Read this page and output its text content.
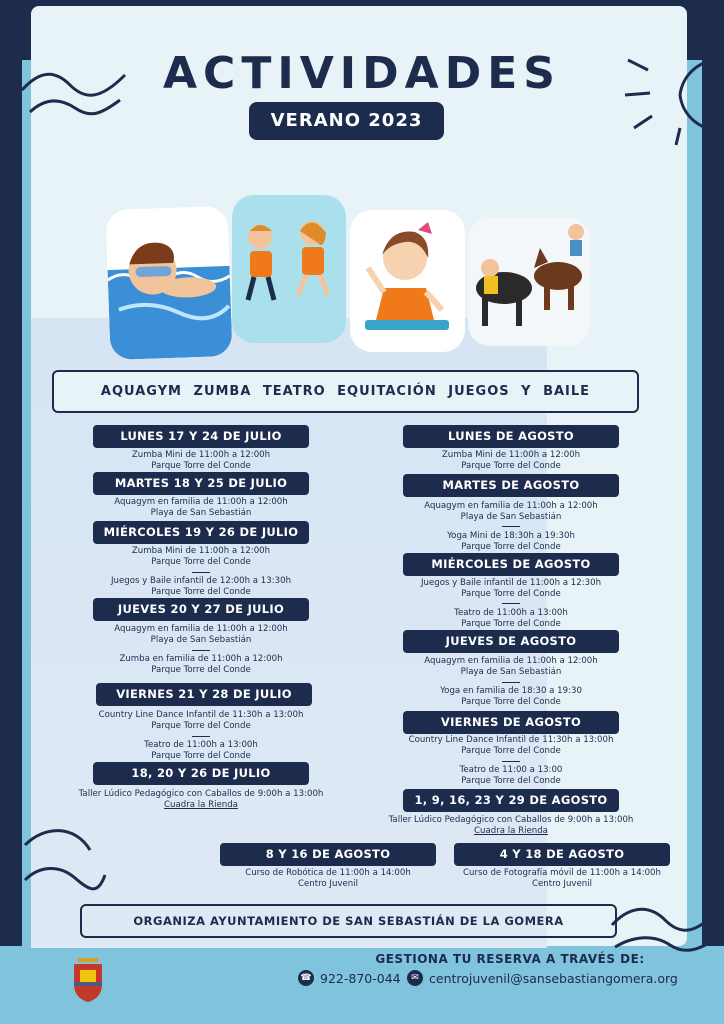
ACTIVIDADES
VERANO 2023
AQUAGYM ZUMBA TEATRO EQUITACIÓN JUEGOS Y BAILE
LUNES 17 Y 24 DE JULIO
Zumba Mini de 11:00h a 12:00h
Parque Torre del Conde
MARTES 18 Y 25 DE JULIO
Aquagym en familia de 11:00h a 12:00h
Playa de San Sebastián
MIÉRCOLES 19 Y 26 DE JULIO
Zumba Mini de 11:00h a 12:00h
Parque Torre del Conde
Juegos y Baile infantil de 12:00h a 13:30h
Parque Torre del Conde
JUEVES 20 Y 27 DE JULIO
Aquagym en familia de 11:00h a 12:00h
Playa de San Sebastián
Zumba en familia de 11:00h a 12:00h
Parque Torre del Conde
VIERNES 21 Y 28 DE JULIO
Country Line Dance Infantil de 11:30h a 13:00h
Parque Torre del Conde
Teatro de 11:00h a 13:00h
Parque Torre del Conde
18, 20 Y 26 DE JULIO
Taller Lúdico Pedagógico con Caballos de 9:00h a 13:00h
Cuadra la Rienda
LUNES DE AGOSTO
Zumba Mini de 11:00h a 12:00h
Parque Torre del Conde
MARTES DE AGOSTO
Aquagym en familia de 11:00h a 12:00h
Playa de San Sebastián
Yoga Mini de 18:30h a 19:30h
Parque Torre del Conde
MIÉRCOLES DE AGOSTO
Juegos y Baile infantil de 11:00h a 12:30h
Parque Torre del Conde
Teatro de 11:00h a 13:00h
Parque Torre del Conde
JUEVES DE AGOSTO
Aquagym en familia de 11:00h a 12:00h
Playa de San Sebastián
Yoga en familia de 18:30 a 19:30
Parque Torre del Conde
VIERNES DE AGOSTO
Country Line Dance Infantil de 11:30h a 13:00h
Parque Torre del Conde
Teatro de 11:00 a 13:00
Parque Torre del Conde
1, 9, 16, 23 Y 29 DE AGOSTO
Taller Lúdico Pedagógico con Caballos de 9:00h a 13:00h
Cuadra la Rienda
8 Y 16 DE AGOSTO
Curso de Robótica de 11:00h a 14:00h
Centro Juvenil
4 Y 18 DE AGOSTO
Curso de Fotografía móvil de 11:00h a 14:00h
Centro Juvenil
ORGANIZA AYUNTAMIENTO DE SAN SEBASTIÁN DE LA GOMERA
GESTIONA TU RESERVA A TRAVÉS DE:
☎ 922-870-044	✉ centrojuvenil@sansebastiangomera.org
